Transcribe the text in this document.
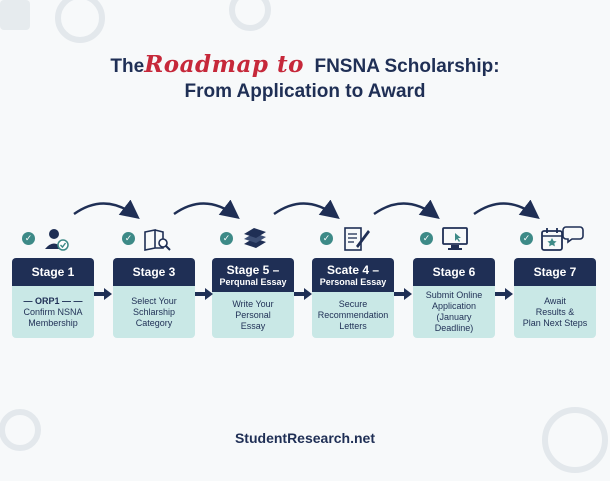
TheRoadmap to FNSNA Scholarship:
From Application to Award
✓	✓	✓	✓	✓	✓
Stage 1
— ORP1 — —
Confirm NSNA
Membership
Stage 3
Select Your
Schlarship
Category
Stage 5 –
Perqunal Essay
Write Your
Personal
Essay
Scate 4 –
Personal Essay
Secure
Recommendation
Letters
Stage 6
Submit Online
Application
(January Deadline)
Stage 7
Await
Results &
Plan Next Steps
StudentResearch.net
